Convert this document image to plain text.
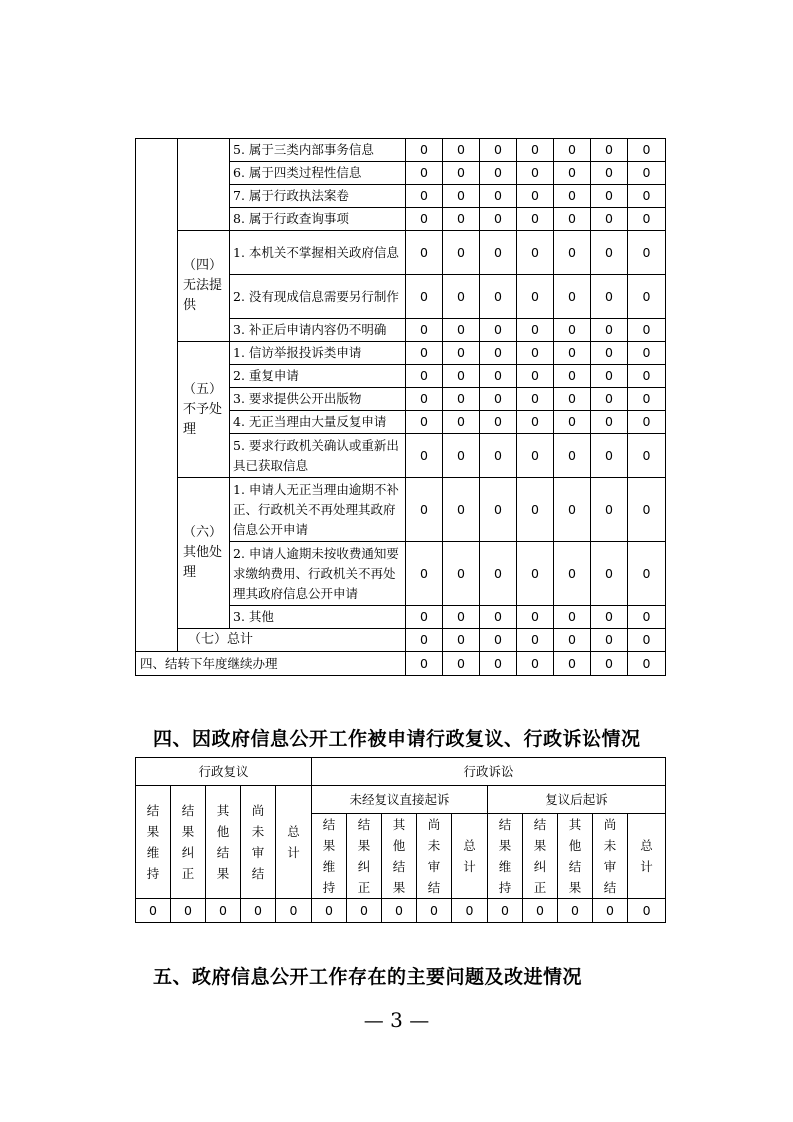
		5. 属于三类内部事务信息	0	0	0	0	0	0	0
		6. 属于四类过程性信息	0	0	0	0	0	0	0
		7. 属于行政执法案卷	0	0	0	0	0	0	0
		8. 属于行政查询事项	0	0	0	0	0	0	0
	（四）无法提供	1. 本机关不掌握相关政府信息	0	0	0	0	0	0	0
		2. 没有现成信息需要另行制作	0	0	0	0	0	0	0
		3. 补正后申请内容仍不明确	0	0	0	0	0	0	0
	（五）不予处理	1. 信访举报投诉类申请	0	0	0	0	0	0	0
		2. 重复申请	0	0	0	0	0	0	0
		3. 要求提供公开出版物	0	0	0	0	0	0	0
		4. 无正当理由大量反复申请	0	0	0	0	0	0	0
		5. 要求行政机关确认或重新出具已获取信息	0	0	0	0	0	0	0
	（六）其他处理	1. 申请人无正当理由逾期不补正、行政机关不再处理其政府信息公开申请	0	0	0	0	0	0	0
		2. 申请人逾期未按收费通知要求缴纳费用、行政机关不再处理其政府信息公开申请	0	0	0	0	0	0	0
		3. 其他	0	0	0	0	0	0	0
	（七）总计		0	0	0	0	0	0	0
四、结转下年度继续办理			0	0	0	0	0	0	0
四、因政府信息公开工作被申请行政复议、行政诉讼情况
行政复议					行政诉讼									

结果维持	结果纠正	其他结果	尚未审结	总计	未经复议直接起诉					复议后起诉				

					结果维持	结果纠正	其他结果	尚未审结	总计	结果维持	结果纠正	其他结果	尚未审结	总计

0	0	0	0	0	0	0	0	0	0	0	0	0	0	0
五、政府信息公开工作存在的主要问题及改进情况
— 3 —
